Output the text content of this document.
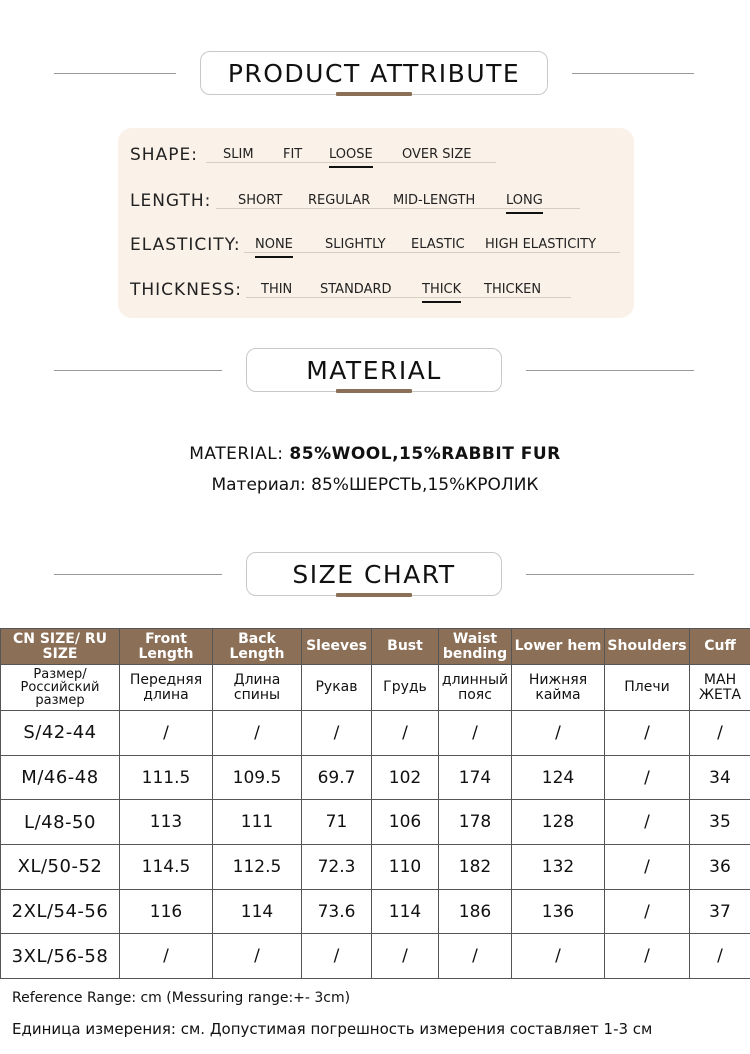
PRODUCT ATTRIBUTE
SHAPE: SLIM FIT LOOSE OVER SIZE
LENGTH: SHORT REGULAR MID-LENGTH LONG
ELASTICITY: NONE SLIGHTLY ELASTIC HIGH ELASTICITY
THICKNESS: THIN STANDARD THICK THICKEN
MATERIAL
MATERIAL: 85%WOOL,15%RABBIT FUR
Материал: 85%ШЕРСТЬ,15%КРОЛИК
SIZE CHART
CN SIZE/ RU SIZE	Front Length	Back Length	Sleeves	Bust	Waist bending	Lower hem	Shoulders	Cuff
Размер/ Российский размер	Передняя длина	Длина спины	Рукав	Грудь	длинный пояс	Нижняя кайма	Плечи	МАН ЖЕТА
S/42-44	/	/	/	/	/	/	/	/
M/46-48	111.5	109.5	69.7	102	174	124	/	34
L/48-50	113	111	71	106	178	128	/	35
XL/50-52	114.5	112.5	72.3	110	182	132	/	36
2XL/54-56	116	114	73.6	114	186	136	/	37
3XL/56-58	/	/	/	/	/	/	/	/
Reference Range: cm (Messuring range:+- 3cm)
Единица измерения: см. Допустимая погрешность измерения составляет 1-3 см
